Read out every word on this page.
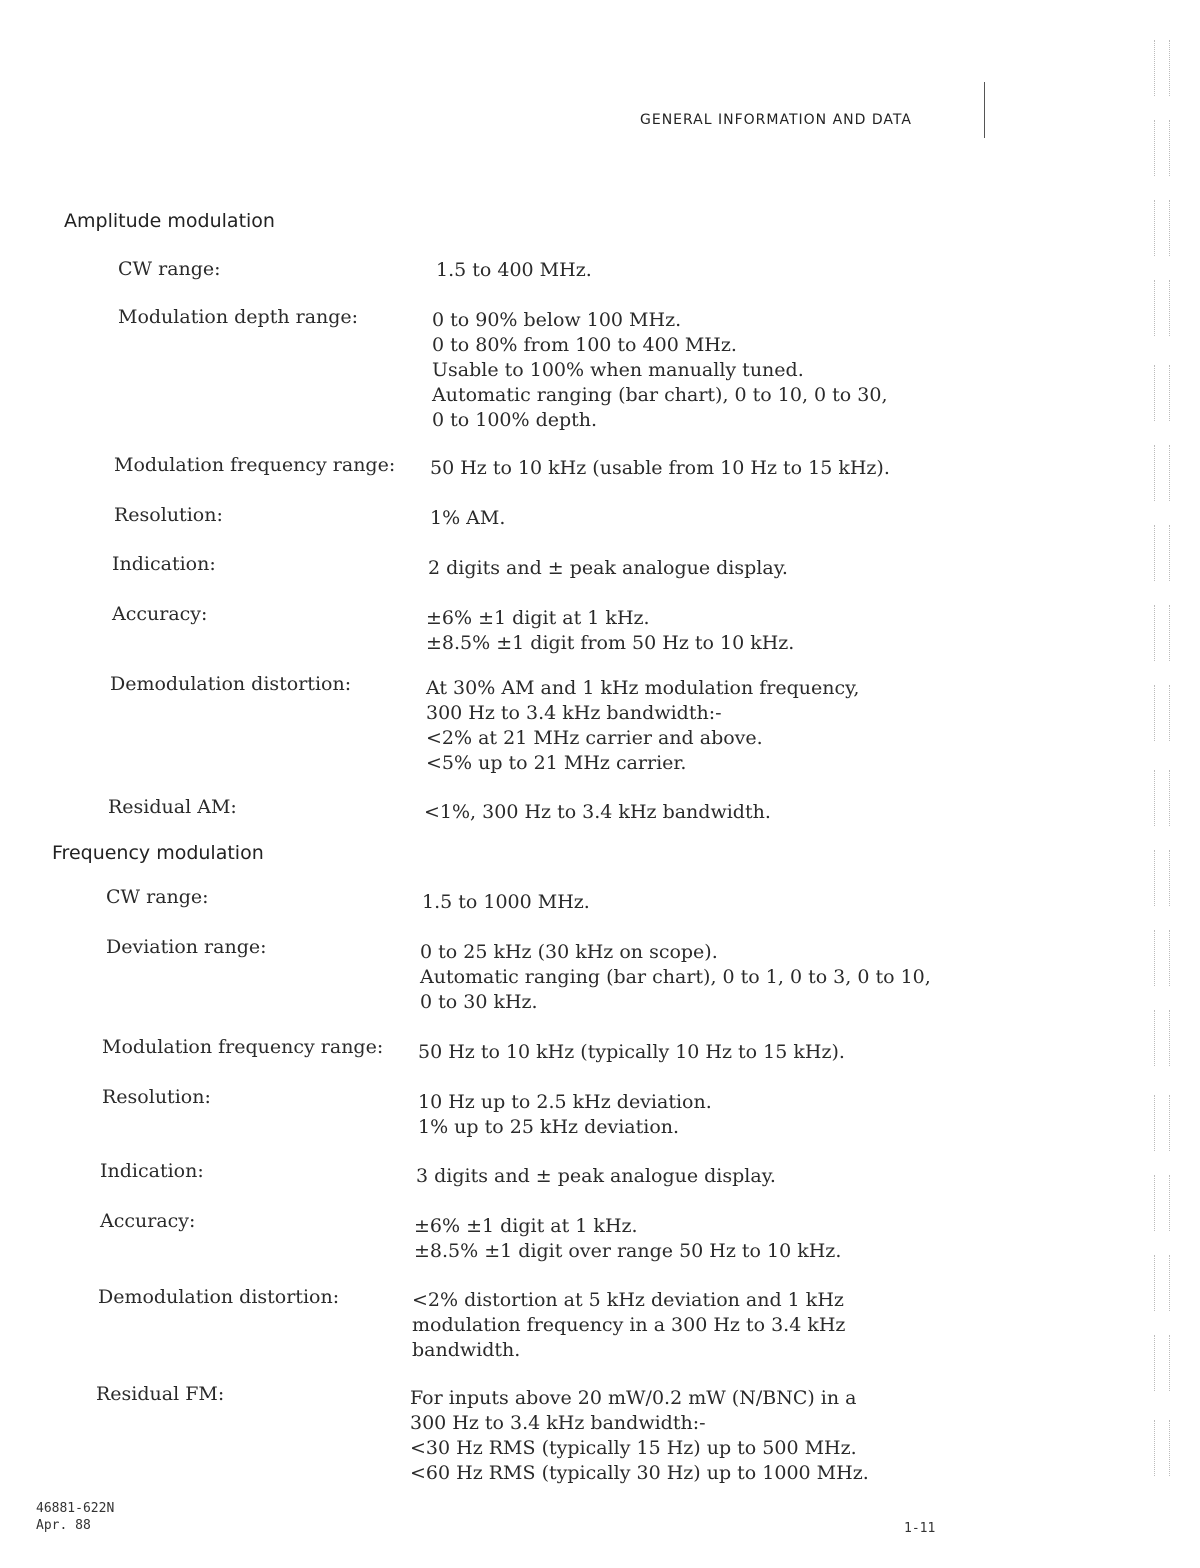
GENERAL INFORMATION AND DATA
Amplitude modulation
CW range:	1.5 to 400 MHz.
Modulation depth range:	0 to 90% below 100 MHz.
0 to 80% from 100 to 400 MHz.
Usable to 100% when manually tuned.
Automatic ranging (bar chart), 0 to 10, 0 to 30,
0 to 100% depth.
Modulation frequency range: 50 Hz to 10 kHz (usable from 10 Hz to 15 kHz).
Resolution:	1% AM.
Indication:	2 digits and ± peak analogue display.
Accuracy:	±6% ±1 digit at 1 kHz.
±8.5% ±1 digit from 50 Hz to 10 kHz.
Demodulation distortion:	At 30% AM and 1 kHz modulation frequency,
300 Hz to 3.4 kHz bandwidth:-
<2% at 21 MHz carrier and above.
<5% up to 21 MHz carrier.
Residual AM:	<1%, 300 Hz to 3.4 kHz bandwidth.
Frequency modulation
CW range:	1.5 to 1000 MHz.
Deviation range:	0 to 25 kHz (30 kHz on scope).
Automatic ranging (bar chart), 0 to 1, 0 to 3, 0 to 10,
0 to 30 kHz.
Modulation frequency range: 50 Hz to 10 kHz (typically 10 Hz to 15 kHz).
Resolution:	10 Hz up to 2.5 kHz deviation.
1% up to 25 kHz deviation.
Indication:	3 digits and ± peak analogue display.
Accuracy:	±6% ±1 digit at 1 kHz.
±8.5% ±1 digit over range 50 Hz to 10 kHz.
Demodulation distortion:	<2% distortion at 5 kHz deviation and 1 kHz
modulation frequency in a 300 Hz to 3.4 kHz
bandwidth.
Residual FM:	For inputs above 20 mW/0.2 mW (N/BNC) in a
300 Hz to 3.4 kHz bandwidth:-
<30 Hz RMS (typically 15 Hz) up to 500 MHz.
<60 Hz RMS (typically 30 Hz) up to 1000 MHz.
46881-622N
Apr. 88	1-11
